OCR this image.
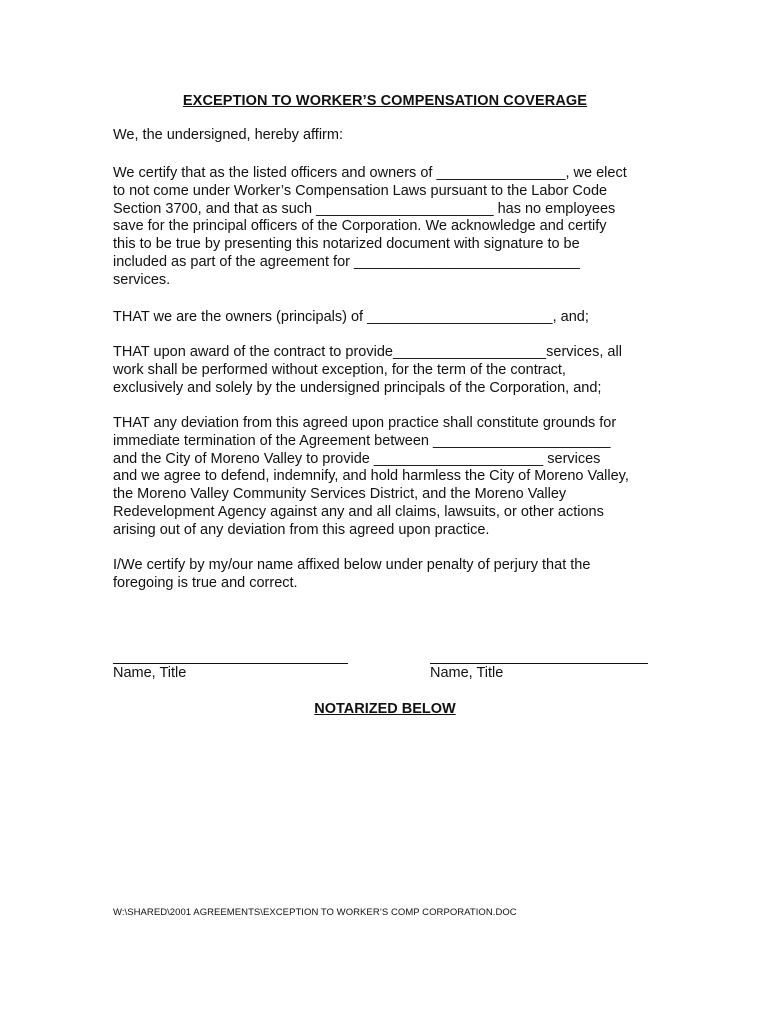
EXCEPTION TO WORKER’S COMPENSATION COVERAGE
We, the undersigned, hereby affirm:
We certify that as the listed officers and owners of ________________, we elect
to not come under Worker’s Compensation Laws pursuant to the Labor Code
Section 3700, and that as such ______________________ has no employees
save for the principal officers of the Corporation. We acknowledge and certify
this to be true by presenting this notarized document with signature to be
included as part of the agreement for ____________________________
services.
THAT we are the owners (principals) of _______________________, and;
THAT upon award of the contract to provide___________________services, all
work shall be performed without exception, for the term of the contract,
exclusively and solely by the undersigned principals of the Corporation, and;
THAT any deviation from this agreed upon practice shall constitute grounds for
immediate termination of the Agreement between ______________________
and the City of Moreno Valley to provide _____________________ services
and we agree to defend, indemnify, and hold harmless the City of Moreno Valley,
the Moreno Valley Community Services District, and the Moreno Valley
Redevelopment Agency against any and all claims, lawsuits, or other actions
arising out of any deviation from this agreed upon practice.
I/We certify by my/our name affixed below under penalty of perjury that the
foregoing is true and correct.
Name, Title	Name, Title
NOTARIZED BELOW
W:\SHARED\2001 AGREEMENTS\EXCEPTION TO WORKER’S COMP CORPORATION.DOC
